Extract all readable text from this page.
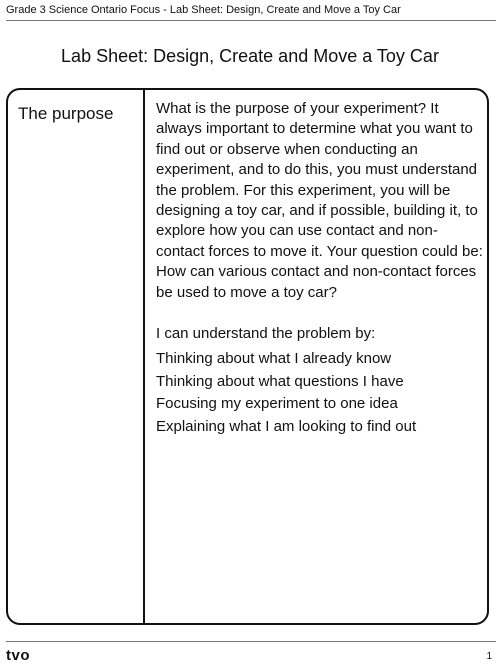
Grade 3 Science Ontario Focus - Lab Sheet: Design, Create and Move a Toy Car
Lab Sheet: Design, Create and Move a Toy Car
The purpose	What is the purpose of your experiment? It always important to determine what you want to find out or observe when conducting an experiment, and to do this, you must understand the problem. For this experiment, you will be designing a toy car, and if possible, building it, to explore how you can use contact and non-contact forces to move it. Your question could be: How can various contact and non-contact forces be used to move a toy car?

I can understand the problem by:

Thinking about what I already know
Thinking about what questions I have
Focusing my experiment to one idea
Explaining what I am looking to find out
tvo	1
